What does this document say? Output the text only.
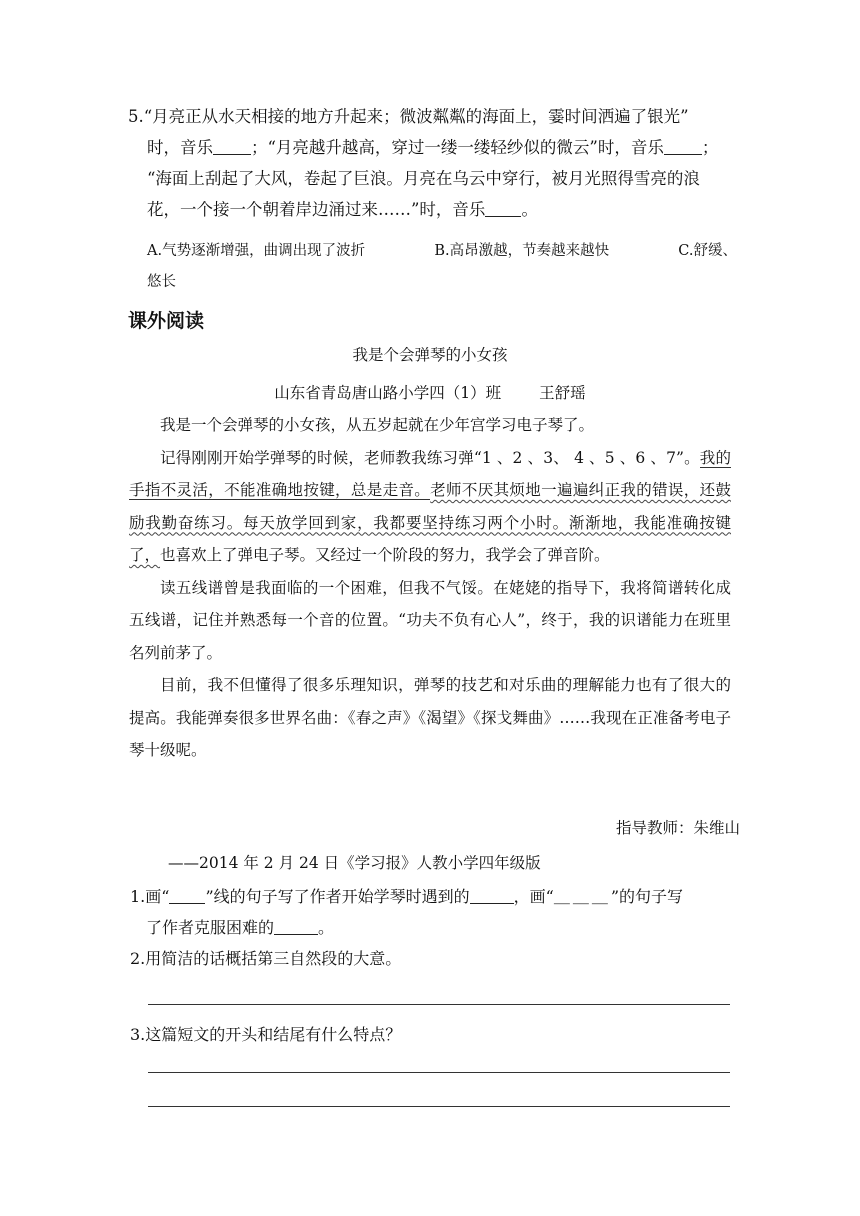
5.“月亮正从水天相接的地方升起来；微波粼粼的海面上，霎时间洒遍了银光”
时，音乐 ；“月亮越升越高，穿过一缕一缕轻纱似的微云”时，音乐 ；
“海面上刮起了大风，卷起了巨浪。月亮在乌云中穿行，被月光照得雪亮的浪
花，一个接一个朝着岸边涌过来……”时，音乐 。
A.气势逐渐增强，曲调出现了波折	B.高昂激越，节奏越来越快	C.舒缓、
悠长
课外阅读
我是个会弹琴的小女孩
山东省青岛唐山路小学四（1）班 王舒瑶

我是一个会弹琴的小女孩，从五岁起就在少年宫学习电子琴了。

记得刚刚开始学弹琴的时候，老师教我练习弹“1 、2 、3、 4 、5 、6 、7”。我的手指不灵活，不能准确地按键，总是走音。老师不厌其烦地一遍遍纠正我的错误，还鼓励我勤奋练习。每天放学回到家，我都要坚持练习两个小时。渐渐地，我能准确按键了，也喜欢上了弹电子琴。又经过一个阶段的努力，我学会了弹音阶。

读五线谱曾是我面临的一个困难，但我不气馁。在姥姥的指导下，我将简谱转化成五线谱，记住并熟悉每一个音的位置。“功夫不负有心人”，终于，我的识谱能力在班里名列前茅了。

目前，我不但懂得了很多乐理知识，弹琴的技艺和对乐曲的理解能力也有了很大的提高。我能弹奏很多世界名曲：《春之声》《渴望》《探戈舞曲》……我现在正准备考电子琴十级呢。

指导教师：朱维山
——2014 年 2 月 24 日《学习报》人教小学四年级版
1.画“ ”线的句子写了作者开始学琴时遇到的	，画“＿＿＿”的句子写
了作者克服困难的	。
2.用简洁的话概括第三自然段的大意。
3.这篇短文的开头和结尾有什么特点？
